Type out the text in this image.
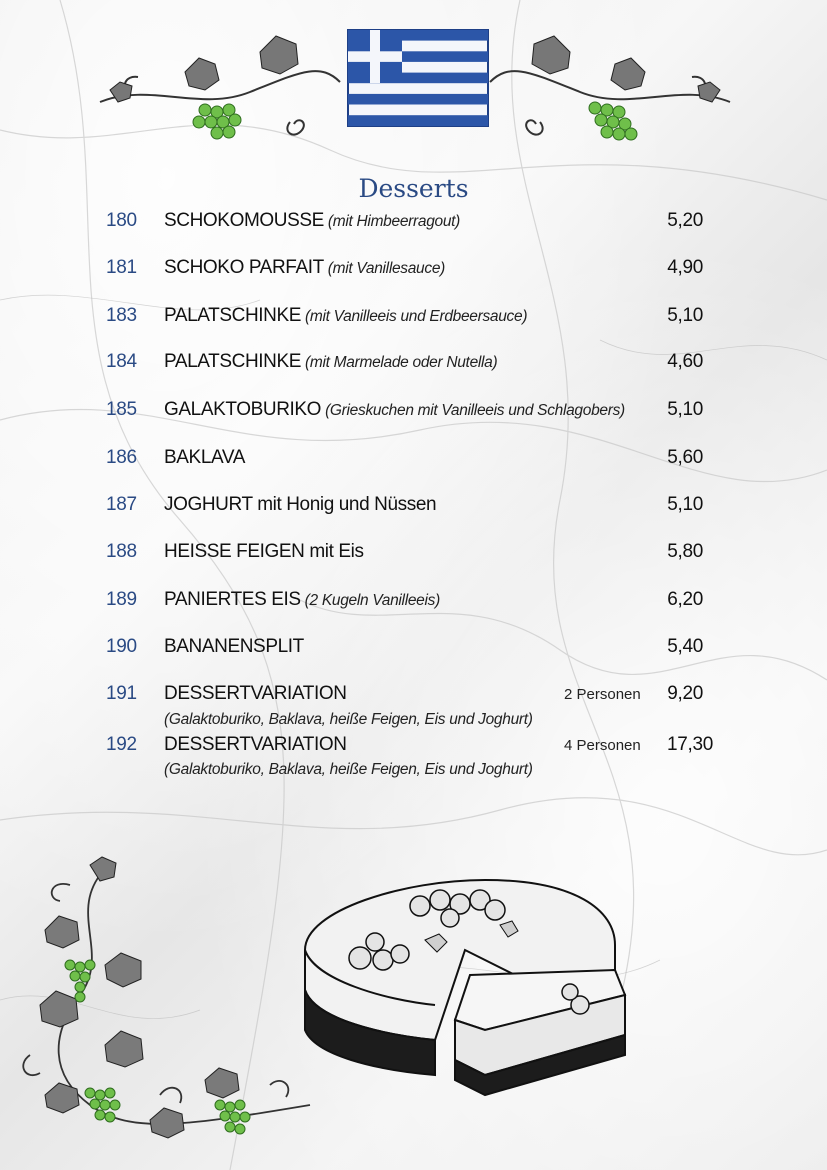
Desserts
180 SCHOKOMOUSSE (mit Himbeerragout)	5,20
181 SCHOKO PARFAIT (mit Vanillesauce)	4,90
183 PALATSCHINKE (mit Vanilleeis und Erdbeersauce)	5,10
184 PALATSCHINKE (mit Marmelade oder Nutella)	4,60
185 GALAKTOBURIKO (Grieskuchen mit Vanilleeis und Schlagobers) 5,10
186 BAKLAVA	5,60
187 JOGHURT mit Honig und Nüssen	5,10
188 HEISSE FEIGEN mit Eis	5,80
189 PANIERTES EIS (2 Kugeln Vanilleeis)	6,20
190 BANANENSPLIT	5,40
191 DESSERTVARIATION	2 Personen 9,20
(Galaktoburiko, Baklava, heiße Feigen, Eis und Joghurt)
192 DESSERTVARIATION	4 Personen 17,30
(Galaktoburiko, Baklava, heiße Feigen, Eis und Joghurt)
